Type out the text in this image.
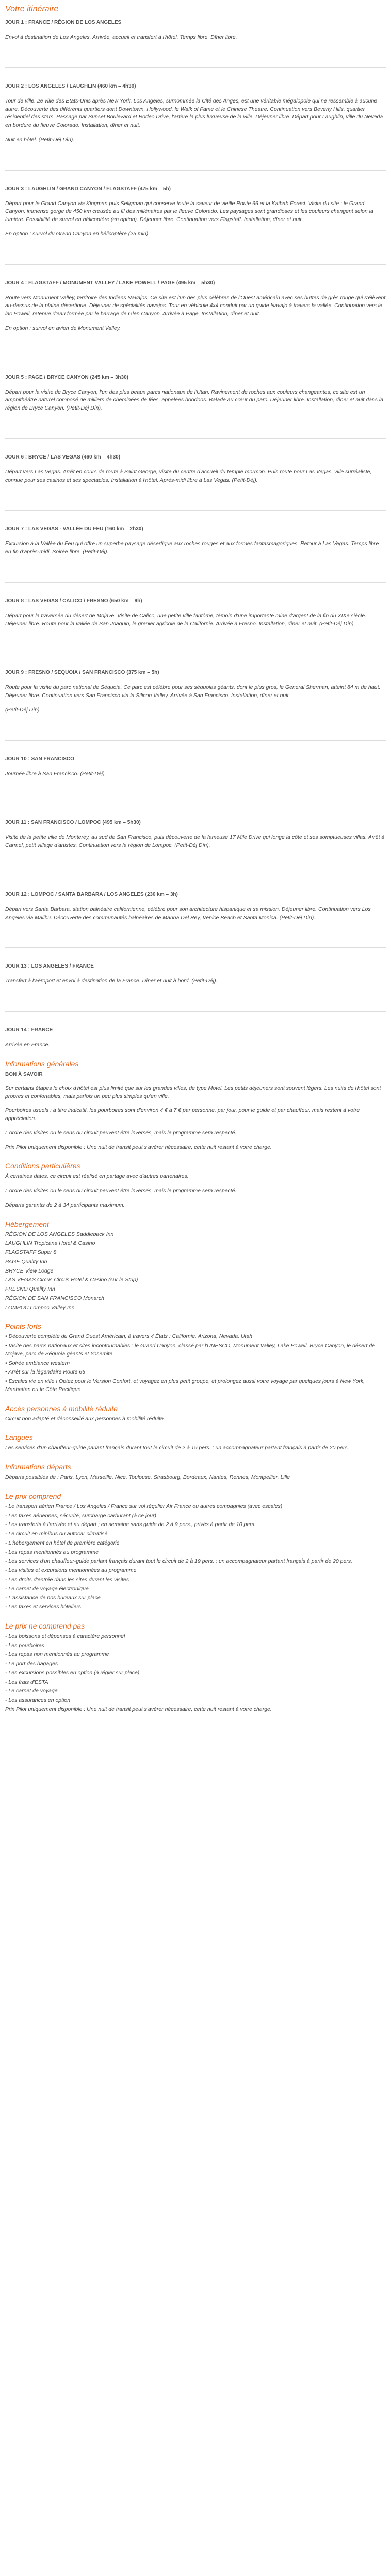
Votre itinéraire
JOUR 1 : FRANCE / RÉGION DE LOS ANGELES

Envol à destination de Los Angeles. Arrivée, accueil et transfert à l'hôtel. Temps libre. Dîner libre.

JOUR 2 : LOS ANGELES / LAUGHLIN (460 km – 4h30)

Tour de ville. 2e ville des États-Unis après New York, Los Angeles, surnommée la Cité des Anges, est une véritable mégalopole qui ne ressemble à aucune autre. Découverte des différents quartiers dont Downtown, Hollywood, le Walk of Fame et le Chinese Theatre. Continuation vers Beverly Hills, quartier résidentiel des stars. Passage par Sunset Boulevard et Rodeo Drive, l'artère la plus luxueuse de la ville. Déjeuner libre. Départ pour Laughlin, ville du Nevada en bordure du fleuve Colorado. Installation, dîner et nuit.

Nuit en hôtel. (Petit-Déj Dîn).

JOUR 3 : LAUGHLIN / GRAND CANYON / FLAGSTAFF (475 km – 5h)

Départ pour le Grand Canyon via Kingman puis Seligman qui conserve toute la saveur de vieille Route 66 et la Kaibab Forest. Visite du site : le Grand Canyon, immense gorge de 450 km creusée au fil des millénaires par le fleuve Colorado. Les paysages sont grandioses et les couleurs changent selon la lumière. Possibilité de survol en hélicoptère (en option). Déjeuner libre. Continuation vers Flagstaff. Installation, dîner et nuit.

En option : survol du Grand Canyon en hélicoptère (25 min).

JOUR 4 : FLAGSTAFF / MONUMENT VALLEY / LAKE POWELL / PAGE (495 km – 5h30)

Route vers Monument Valley, territoire des Indiens Navajos. Ce site est l'un des plus célèbres de l'Ouest américain avec ses buttes de grès rouge qui s'élèvent au-dessus de la plaine désertique. Déjeuner de spécialités navajos. Tour en véhicule 4x4 conduit par un guide Navajo à travers la vallée. Continuation vers le lac Powell, retenue d'eau formée par le barrage de Glen Canyon. Arrivée à Page. Installation, dîner et nuit.

En option : survol en avion de Monument Valley.

JOUR 5 : PAGE / BRYCE CANYON (245 km – 3h30)

Départ pour la visite de Bryce Canyon, l'un des plus beaux parcs nationaux de l'Utah. Ravinement de roches aux couleurs changeantes, ce site est un amphithéâtre naturel composé de milliers de cheminées de fées, appelées hoodoos. Balade au cœur du parc. Déjeuner libre. Installation, dîner et nuit dans la région de Bryce Canyon. (Petit-Déj Dîn).

JOUR 6 : BRYCE / LAS VEGAS (460 km – 4h30)

Départ vers Las Vegas. Arrêt en cours de route à Saint George, visite du centre d'accueil du temple mormon. Puis route pour Las Vegas, ville surréaliste, connue pour ses casinos et ses spectacles. Installation à l'hôtel. Après-midi libre à Las Vegas. (Petit-Déj).

JOUR 7 : LAS VEGAS - VALLÉE DU FEU (160 km – 2h30)

Excursion à la Vallée du Feu qui offre un superbe paysage désertique aux roches rouges et aux formes fantasmagoriques. Retour à Las Vegas. Temps libre en fin d'après-midi. Soirée libre. (Petit-Déj).

JOUR 8 : LAS VEGAS / CALICO / FRESNO (650 km – 9h)

Départ pour la traversée du désert de Mojave. Visite de Calico, une petite ville fantôme, témoin d'une importante mine d'argent de la fin du XIXe siècle. Déjeuner libre. Route pour la vallée de San Joaquin, le grenier agricole de la Californie. Arrivée à Fresno. Installation, dîner et nuit. (Petit-Déj Dîn).

JOUR 9 : FRESNO / SEQUOIA / SAN FRANCISCO (375 km – 5h)

Route pour la visite du parc national de Séquoia. Ce parc est célèbre pour ses séquoias géants, dont le plus gros, le General Sherman, atteint 84 m de haut. Déjeuner libre. Continuation vers San Francisco via la Silicon Valley. Arrivée à San Francisco. Installation, dîner et nuit.

(Petit-Déj Dîn).

JOUR 10 : SAN FRANCISCO

Journée libre à San Francisco. (Petit-Déj).

JOUR 11 : SAN FRANCISCO / LOMPOC (495 km – 5h30)

Visite de la petite ville de Monterey, au sud de San Francisco, puis découverte de la fameuse 17 Mile Drive qui longe la côte et ses somptueuses villas. Arrêt à Carmel, petit village d'artistes. Continuation vers la région de Lompoc. (Petit-Déj Dîn).

JOUR 12 : LOMPOC / SANTA BARBARA / LOS ANGELES (230 km – 3h)

Départ vers Santa Barbara, station balnéaire californienne, célèbre pour son architecture hispanique et sa mission. Déjeuner libre. Continuation vers Los Angeles via Malibu. Découverte des communautés balnéaires de Marina Del Rey, Venice Beach et Santa Monica. (Petit-Déj Dîn).

JOUR 13 : LOS ANGELES / FRANCE

Transfert à l'aéroport et envol à destination de la France. Dîner et nuit à bord. (Petit-Déj).

JOUR 14 : FRANCE

Arrivée en France.

Informations générales
BON À SAVOIR

Sur certains étapes le choix d'hôtel est plus limité que sur les grandes villes, de type Motel. Les petits déjeuners sont souvent légers. Les nuits de l'hôtel sont propres et confortables, mais parfois un peu plus simples qu'en ville.

Pourboires usuels : à titre indicatif, les pourboires sont d'environ 4 € à 7 € par personne, par jour, pour le guide et par chauffeur, mais restent à votre appréciation.

L'ordre des visites ou le sens du circuit peuvent être inversés, mais le programme sera respecté.

Prix Pilot uniquement disponible : Une nuit de transit peut s'avérer nécessaire, cette nuit restant à votre charge.

Conditions particulières

À certaines dates, ce circuit est réalisé en partage avec d'autres partenaires.

L'ordre des visites ou le sens du circuit peuvent être inversés, mais le programme sera respecté.

Départs garantis de 2 à 34 participants maximum.

Hébergement
RÉGION DE LOS ANGELES Saddleback Inn
LAUGHLIN Tropicana Hotel & Casino
FLAGSTAFF Super 8
PAGE Quality Inn
BRYCE View Lodge
LAS VEGAS Circus Circus Hotel & Casino (sur le Strip)
FRESNO Quality Inn
RÉGION DE SAN FRANCISCO Monarch
LOMPOC Lompoc Valley Inn
Points forts
• Découverte complète du Grand Ouest Américain, à travers 4 États : Californie, Arizona, Nevada, Utah
• Visite des parcs nationaux et sites incontournables : le Grand Canyon, classé par l'UNESCO, Monument Valley, Lake Powell, Bryce Canyon, le désert de Mojave, parc de Séquoia géants et Yosemite
• Soirée ambiance western
• Arrêt sur la légendaire Route 66
• Escales vie en ville ! Optez pour le Version Confort, et voyagez en plus petit groupe, et prolongez aussi votre voyage par quelques jours à New York, Manhattan ou le Côte Pacifique
Accès personnes à mobilité réduite

Circuit non adapté et déconseillé aux personnes à mobilité réduite.

Langues

Les services d'un chauffeur-guide parlant français durant tout le circuit de 2 à 19 pers. ; un accompagnateur partant français à partir de 20 pers.

Informations départs

Départs possibles de : Paris, Lyon, Marseille, Nice, Toulouse, Strasbourg, Bordeaux, Nantes, Rennes, Montpellier, Lille

Le prix comprend
- Le transport aérien France / Los Angeles / France sur vol régulier Air France ou autres compagnies (avec escales)
- Les taxes aériennes, sécurité, surcharge carburant (à ce jour)
- Les transferts à l'arrivée et au départ ; en semaine sans guide de 2 à 9 pers., privés à partir de 10 pers.
- Le circuit en minibus ou autocar climatisé
- L'hébergement en hôtel de première catégorie
- Les repas mentionnés au programme
- Les services d'un chauffeur-guide parlant français durant tout le circuit de 2 à 19 pers. ; un accompagnateur partant français à partir de 20 pers.
- Les visites et excursions mentionnées au programme
- Les droits d'entrée dans les sites durant les visites
- Le carnet de voyage électronique
- L'assistance de nos bureaux sur place
- Les taxes et services hôteliers
Le prix ne comprend pas
- Les boissons et dépenses à caractère personnel
- Les pourboires
- Les repas non mentionnés au programme
- Le port des bagages
- Les excursions possibles en option (à régler sur place)
- Les frais d'ESTA
- Le carnet de voyage
- Les assurances en option
Prix Pilot uniquement disponible : Une nuit de transit peut s'avérer nécessaire, cette nuit restant à votre charge.
